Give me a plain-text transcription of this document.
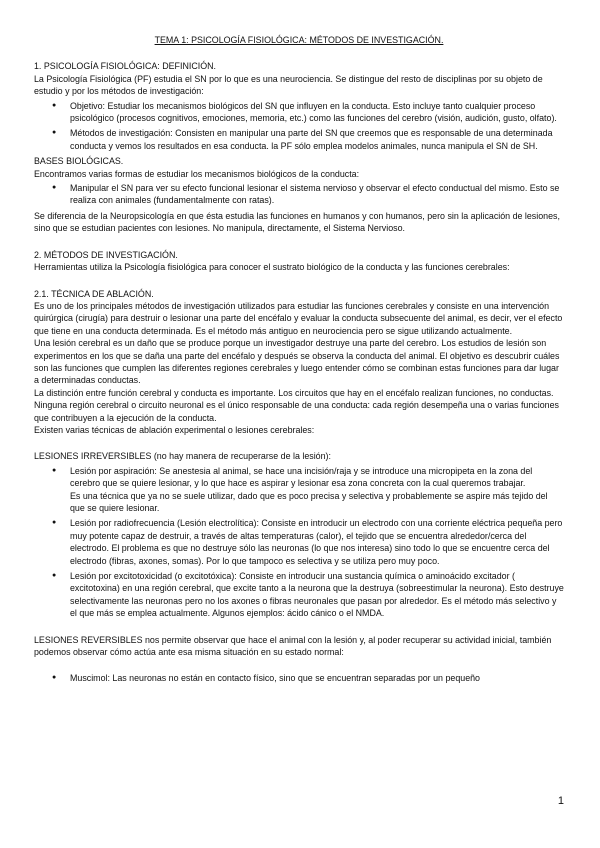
TEMA 1: PSICOLOGÍA FISIOLÓGICA: MÉTODOS DE INVESTIGACIÓN.

1. PSICOLOGÍA FISIOLÓGICA: DEFINICIÓN.

La Psicología Fisiológica (PF) estudia el SN por lo que es una neurociencia. Se distingue del resto de disciplinas por su objeto de estudio y por los métodos de investigación:

● Objetivo: Estudiar los mecanismos biológicos del SN que influyen en la conducta. Esto incluye tanto cualquier proceso psicológico (procesos cognitivos, emociones, memoria, etc.) como las funciones del cerebro (visión, audición, gusto, olfato).
● Métodos de investigación: Consisten en manipular una parte del SN que creemos que es responsable de una determinada conducta y vemos los resultados en esa conducta. la PF sólo emplea modelos animales, nunca manipula el SN de SH.

BASES BIOLÓGICAS.

Encontramos varias formas de estudiar los mecanismos biológicos de la conducta:

● Manipular el SN para ver su efecto funcional lesionar el sistema nervioso y observar el efecto conductual del mismo. Esto se realiza con animales (fundamentalmente con ratas).

Se diferencia de la Neuropsicología en que ésta estudia las funciones en humanos y con humanos, pero sin la aplicación de lesiones, sino que se estudian pacientes con lesiones. No manipula, directamente, el Sistema Nervioso.

2. MÉTODOS DE INVESTIGACIÓN.

Herramientas utiliza la Psicología fisiológica para conocer el sustrato biológico de la conducta y las funciones cerebrales:

2.1. TÉCNICA DE ABLACIÓN.

Es uno de los principales métodos de investigación utilizados para estudiar las funciones cerebrales y consiste en una intervención quirúrgica (cirugía) para destruir o lesionar una parte del encéfalo y evaluar la conducta subsecuente del animal, es decir, ver el efecto que tiene en una conducta determinada. Es el método más antiguo en neurociencia pero se sigue utilizando actualmente.

Una lesión cerebral es un daño que se produce porque un investigador destruye una parte del cerebro. Los estudios de lesión son experimentos en los que se daña una parte del encéfalo y después se observa la conducta del animal. El objetivo es descubrir cuáles son las funciones que cumplen las diferentes regiones cerebrales y luego entender cómo se combinan estas funciones para dar lugar a determinadas conductas.

La distinción entre función cerebral y conducta es importante. Los circuitos que hay en el encéfalo realizan funciones, no conductas. Ninguna región cerebral o circuito neuronal es el único responsable de una conducta: cada región desempeña una o varias funciones que contribuyen a la ejecución de la conducta.

Existen varias técnicas de ablación experimental o lesiones cerebrales:

LESIONES IRREVERSIBLES (no hay manera de recuperarse de la lesión):

● Lesión por aspiración: Se anestesia al animal, se hace una incisión/raja y se introduce una micropipeta en la zona del cerebro que se quiere lesionar, y lo que hace es aspirar y lesionar esa zona concreta con la cual queremos trabajar.
Es una técnica que ya no se suele utilizar, dado que es poco precisa y selectiva y probablemente se aspire más tejido del que se quiere lesionar.
● Lesión por radiofrecuencia (Lesión electrolítica): Consiste en introducir un electrodo con una corriente eléctrica pequeña pero muy potente capaz de destruir, a través de altas temperaturas (calor), el tejido que se encuentra alrededor/cerca del electrodo. El problema es que no destruye sólo las neuronas (lo que nos interesa) sino todo lo que se encuentre cerca del electrodo (fibras, axones, somas). Por lo que tampoco es selectiva y se utiliza pero muy poco.
● Lesión por excitotoxicidad (o excitotóxica): Consiste en introducir una sustancia química o aminoácido excitador ( excitotoxina) en una región cerebral, que excite tanto a la neurona que la destruya (sobreestimular la neurona). Esto destruye selectivamente las neuronas pero no los axones o fibras neuronales que pasan por alrededor. Es el método más selectivo y el que más se emplea actualmente. Algunos ejemplos: ácido cánico o el NMDA.

LESIONES REVERSIBLES nos permite observar que hace el animal con la lesión y, al poder recuperar su actividad inicial, también podemos observar cómo actúa ante esa misma situación en su estado normal:

● Muscimol: Las neuronas no están en contacto físico, sino que se encuentran separadas por un pequeño
1
